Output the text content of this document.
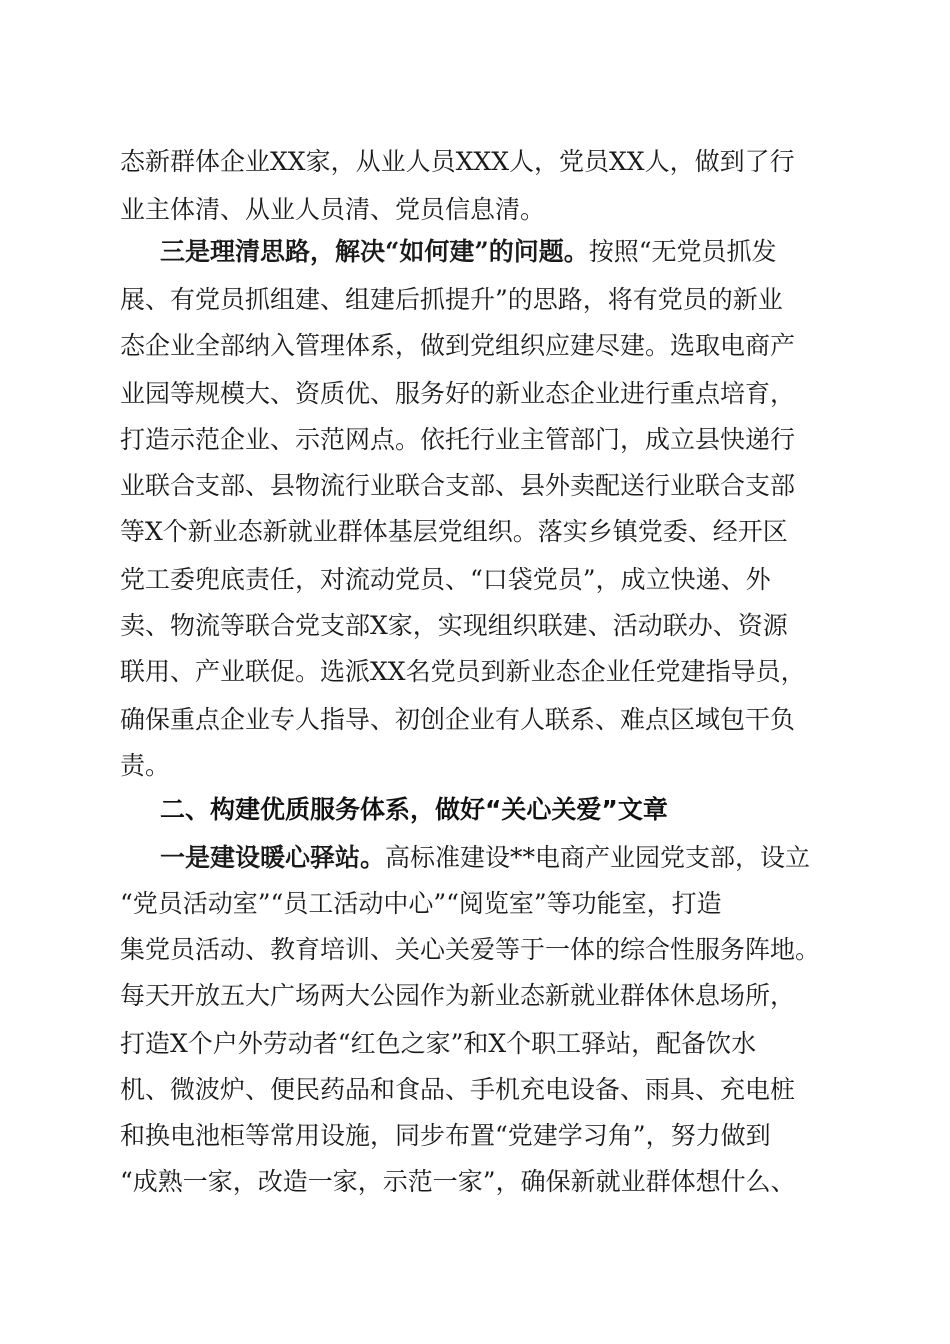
态新群体企业XX家，从业人员XXX人，党员XX人，做到了行
业主体清、从业人员清、党员信息清。
三是理清思路，解决“如何建”的问题。按照“无党员抓发
展、有党员抓组建、组建后抓提升”的思路，将有党员的新业
态企业全部纳入管理体系，做到党组织应建尽建。选取电商产
业园等规模大、资质优、服务好的新业态企业进行重点培育，
打造示范企业、示范网点。依托行业主管部门，成立县快递行
业联合支部、县物流行业联合支部、县外卖配送行业联合支部
等X个新业态新就业群体基层党组织。落实乡镇党委、经开区
党工委兜底责任，对流动党员、“口袋党员”，成立快递、外
卖、物流等联合党支部X家，实现组织联建、活动联办、资源
联用、产业联促。选派XX名党员到新业态企业任党建指导员，
确保重点企业专人指导、初创企业有人联系、难点区域包干负
责。
二、构建优质服务体系，做好“关心关爱”文章
一是建设暖心驿站。高标准建设**电商产业园党支部，设立
“党员活动室”“员工活动中心”“阅览室”等功能室，打造
集党员活动、教育培训、关心关爱等于一体的综合性服务阵地。
每天开放五大广场两大公园作为新业态新就业群体休息场所，
打造X个户外劳动者“红色之家”和X个职工驿站，配备饮水
机、微波炉、便民药品和食品、手机充电设备、雨具、充电桩
和换电池柜等常用设施，同步布置“党建学习角”，努力做到
“成熟一家，改造一家，示范一家”，确保新就业群体想什么、
